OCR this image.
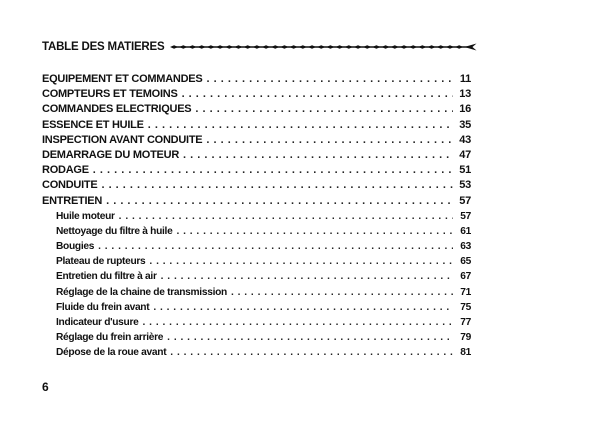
TABLE DES MATIERES
EQUIPEMENT ET COMMANDES . . .	11
COMPTEURS ET TEMOINS . . .	13
COMMANDES ELECTRIQUES . . .	16
ESSENCE ET HUILE . . .	35
INSPECTION AVANT CONDUITE . . .	43
DEMARRAGE DU MOTEUR . . .	47
RODAGE . . .	51
CONDUITE . . .	53
ENTRETIEN . . .	57
Huile moteur . . .	57
Nettoyage du filtre à huile . . .	61
Bougies . . .	63
Plateau de rupteurs . . .	65
Entretien du filtre à air . . .	67
Réglage de la chaine de transmission . . .	71
Fluide du frein avant . . .	75
Indicateur d'usure . . .	77
Réglage du frein arrière . . .	79
Dépose de la roue avant . . .	81
6
